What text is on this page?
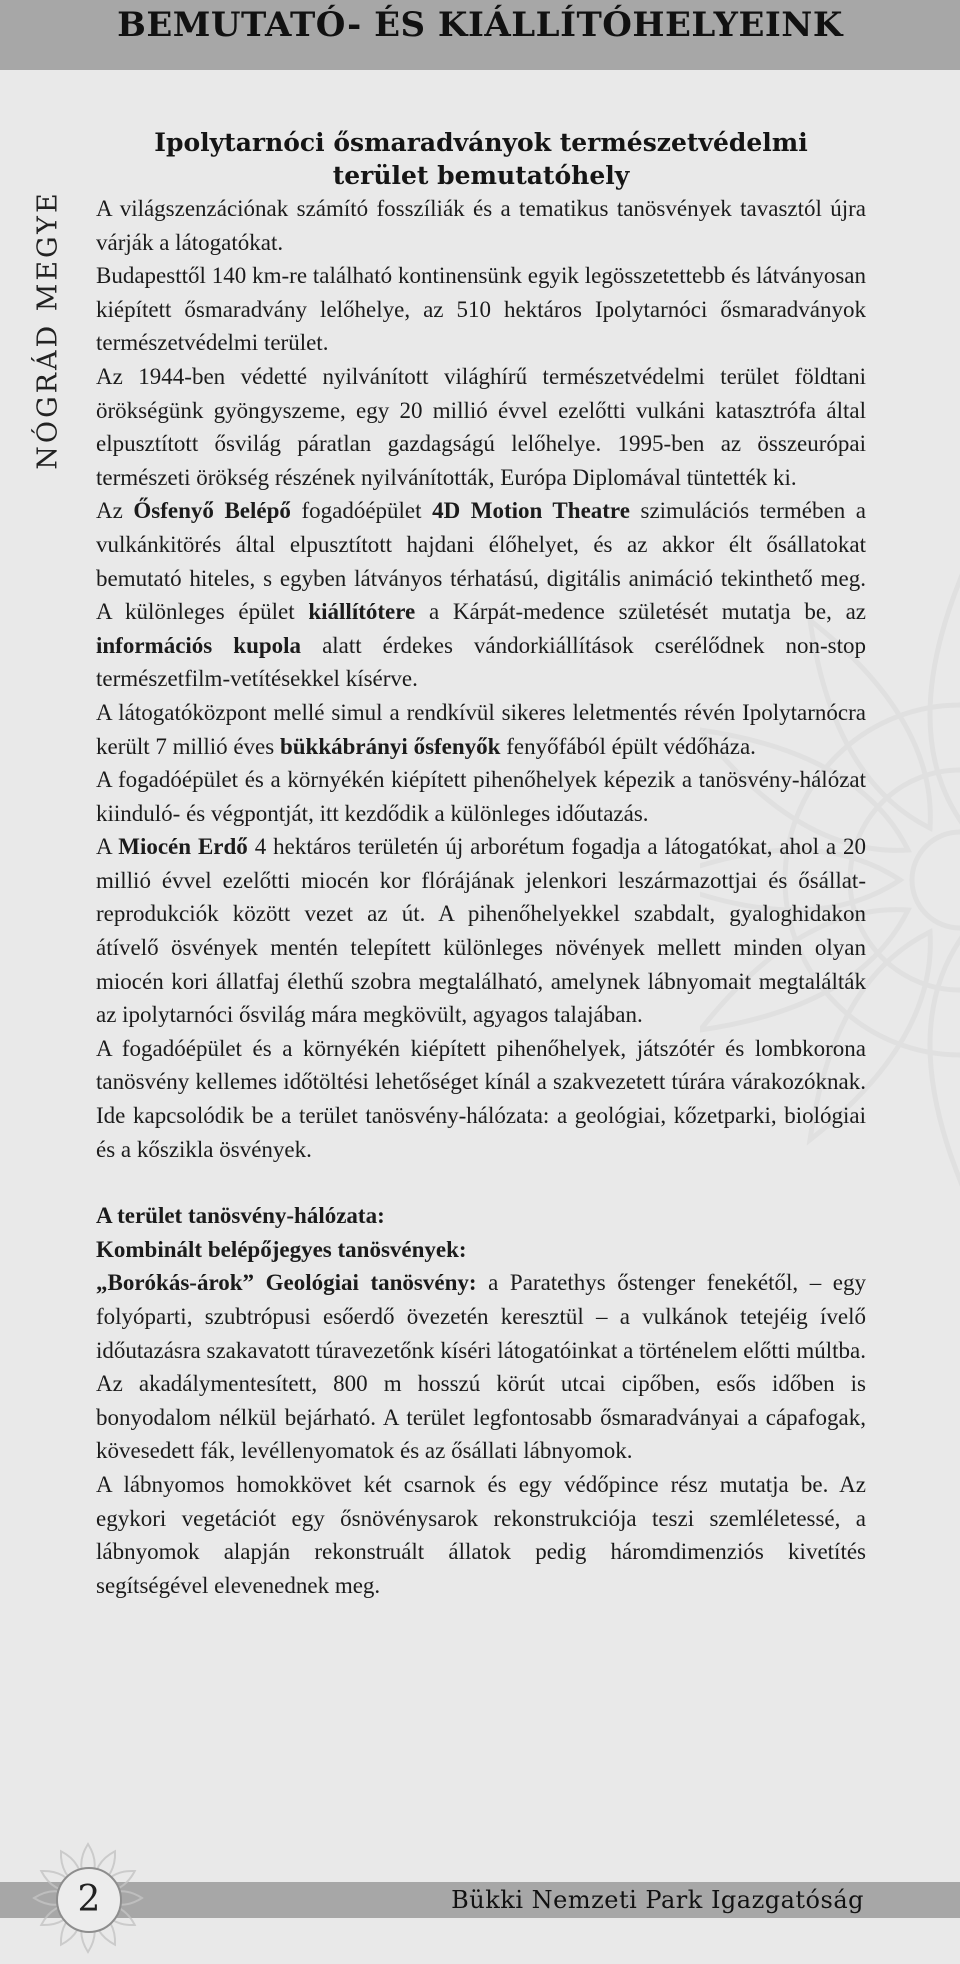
BEMUTATÓ- ÉS KIÁLLÍTÓHELYEINK
NÓGRÁD MEGYE
Ipolytarnóci ősmaradványok természetvédelmi
terület bemutatóhely

A világszenzációnak számító fosszíliák és a tematikus tanösvények tavasztól újra várják a látogatókat.

Budapesttől 140 km-re található kontinensünk egyik legösszetettebb és látványosan kiépített ősmaradvány lelőhelye, az 510 hektáros Ipolytarnóci ősmaradványok természetvédelmi terület.

Az 1944-ben védetté nyilvánított világhírű természetvédelmi terület földtani örökségünk gyöngyszeme, egy 20 millió évvel ezelőtti vulkáni katasztrófa által elpusztított ősvilág páratlan gazdagságú lelőhelye. 1995-ben az összeurópai természeti örökség részének nyilvánították, Európa Diplomával tüntették ki.

Az Ősfenyő Belépő fogadóépület 4D Motion Theatre szimulációs termében a vulkánkitörés által elpusztított hajdani élőhelyet, és az akkor élt ősállatokat bemutató hiteles, s egyben látványos térhatású, digitális animáció tekinthető meg. A különleges épület kiállítótere a Kárpát-medence születését mutatja be, az információs kupola alatt érdekes vándorkiállítások cserélődnek non-stop természetfilm-vetítésekkel kísérve.

A látogatóközpont mellé simul a rendkívül sikeres leletmentés révén Ipolytarnócra került 7 millió éves bükkábrányi ősfenyők fenyőfából épült védőháza.

A fogadóépület és a környékén kiépített pihenőhelyek képezik a tanösvény-hálózat kiinduló- és végpontját, itt kezdődik a különleges időutazás.

A Miocén Erdő 4 hektáros területén új arborétum fogadja a látogatókat, ahol a 20 millió évvel ezelőtti miocén kor flórájának jelenkori leszármazottjai és ősállat-reprodukciók között vezet az út. A pihenőhelyekkel szabdalt, gyaloghidakon átívelő ösvények mentén telepített különleges növények mellett minden olyan miocén kori állatfaj élethű szobra megtalálható, amelynek lábnyomait megtalálták az ipolytarnóci ősvilág mára megkövült, agyagos talajában.

A fogadóépület és a környékén kiépített pihenőhelyek, játszótér és lombkorona tanösvény kellemes időtöltési lehetőséget kínál a szakvezetett túrára várakozóknak. Ide kapcsolódik be a terület tanösvény-hálózata: a geológiai, kőzetparki, biológiai és a kőszikla ösvények.

A terület tanösvény-hálózata:

Kombinált belépőjegyes tanösvények:

„Borókás-árok” Geológiai tanösvény: a Paratethys őstenger fenekétől, – egy folyóparti, szubtrópusi esőerdő övezetén keresztül – a vulkánok tetejéig ívelő időutazásra szakavatott túravezetőnk kíséri látogatóinkat a történelem előtti múltba. Az akadálymentesített, 800 m hosszú körút utcai cipőben, esős időben is bonyodalom nélkül bejárható. A terület legfontosabb ősmaradványai a cápafogak, kövesedett fák, levéllenyomatok és az ősállati lábnyomok.

A lábnyomos homokkövet két csarnok és egy védőpince rész mutatja be. Az egykori vegetációt egy ősnövénysarok rekonstrukciója teszi szemléletessé, a lábnyomok alapján rekonstruált állatok pedig háromdimenziós kivetítés segítségével elevenednek meg.

2	Bükki Nemzeti Park Igazgatóság
